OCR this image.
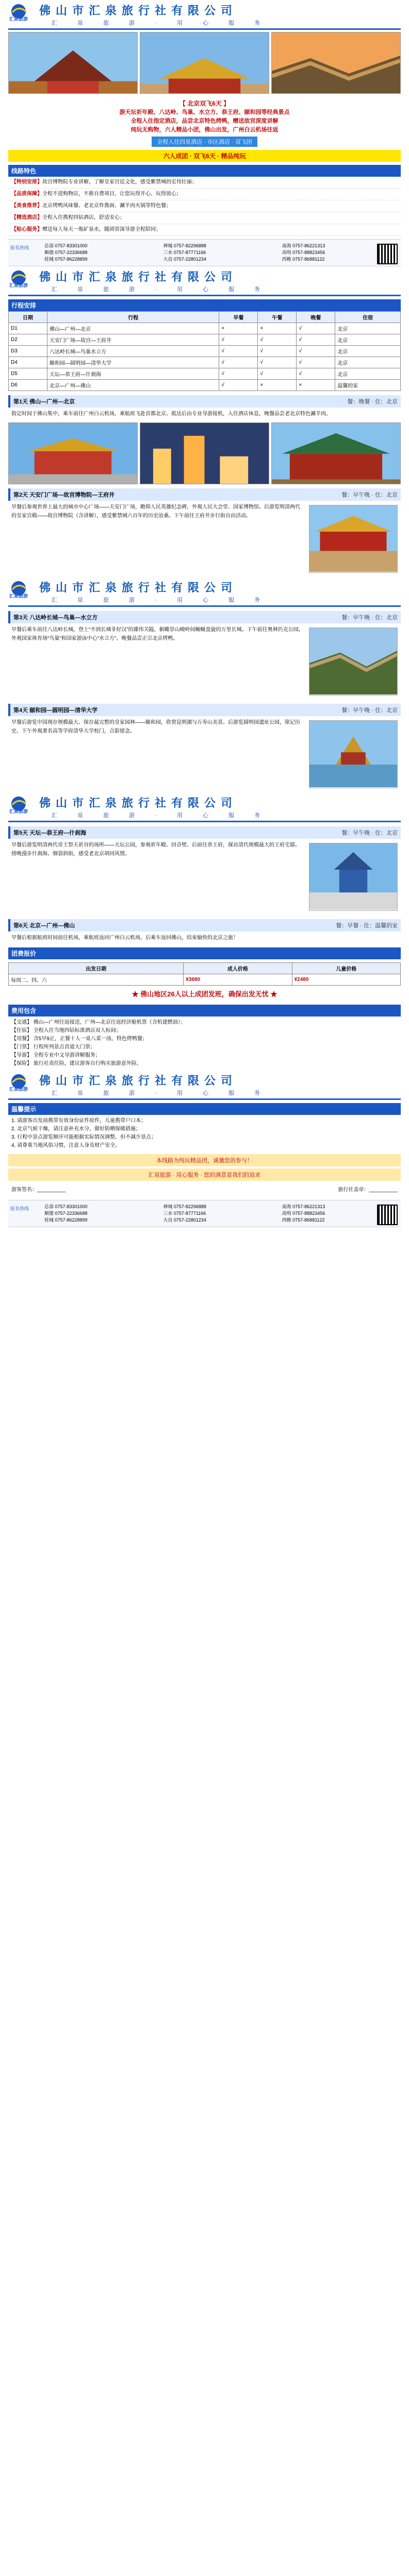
汇泉旅游
佛山市汇泉旅行社有限公司
汇 泉 旅 游 · 用 心 服 务
【 北京双飞6天 】
游天坛祈年殿、八达岭、鸟巢、水立方、恭王府、颐和园等经典景点
全程入住指定酒店，品尝北京特色烤鸭，赠送故宫深度讲解
纯玩无购物，六人精品小团，佛山出发，广州白云机场往返
全程入住四星酒店 · 市区酒店 · 双飞团
六人成团 · 双飞6天 · 精品纯玩
线路特色
【特别安排】故宫博物院专业讲解，了解皇家宫廷文化，感受紫禁城的宏伟壮丽；
【品质保障】全程不进购物店，不推自费项目，让您玩得开心、玩得放心；
【美食推荐】北京烤鸭风味餐、老北京炸酱面、涮羊肉火锅等特色餐；
【精选酒店】全程入住携程四钻酒店，舒适安心；
【贴心服务】赠送每人每天一瓶矿泉水，随团资深导游全程陪同；
报名热线	总部 0757-83301000	禅城 0757-82296888	南海 0757-86221313
顺德 0757-22336688	三水 0757-87771166	高明 0757-88823456
桂城 0757-86228899	大良 0757-22801234	西樵 0757-86881122
汇泉旅游
佛山市汇泉旅行社有限公司
汇 泉 旅 游 · 用 心 服 务
行程安排
日期	行程	早餐	午餐	晚餐	住宿
D1	佛山—广州—北京	×	×	√	北京
D2	天安门广场—故宫—王府井	√	√	√	北京
D3	八达岭长城—鸟巢水立方	√	√	√	北京
D4	颐和园—圆明园—清华大学	√	√	√	北京
D5	天坛—恭王府—什刹海	√	√	√	北京
D6	北京—广州—佛山	√	×	×	温馨的家
第1天 佛山—广州—北京	餐：晚餐 · 住：北京
指定时间于佛山集中，乘车前往广州白云机场，乘航班飞赴首都北京。抵达后由专业导游接机，入住酒店休息，晚餐品尝老北京特色涮羊肉。
第2天 天安门广场—故宫博物院—王府井	餐：早午晚 · 住：北京
早餐后参观世界上最大的城市中心广场——天安门广场，瞻仰人民英雄纪念碑，外观人民大会堂、国家博物馆。后游览明清两代的皇家宫殿——故宫博物院（含讲解），感受紫禁城六百年的历史沧桑。下午前往王府井步行街自由活动。
汇泉旅游
佛山市汇泉旅行社有限公司
汇 泉 旅 游 · 用 心 服 务
第3天 八达岭长城—鸟巢—水立方	餐：早午晚 · 住：北京
早餐后乘车前往八达岭长城，登上“不到长城非好汉”的雄伟关隘，俯瞰崇山峻岭间蜿蜒盘旋的万里长城。下午前往奥林匹克公园，外观国家体育场“鸟巢”和国家游泳中心“水立方”。晚餐品尝正宗北京烤鸭。
第4天 颐和园—圆明园—清华大学	餐：早午晚 · 住：北京
早餐后游览中国现存规模最大、保存最完整的皇家园林——颐和园，欣赏昆明湖与万寿山美景。后游览圆明园遗址公园，铭记历史。下午外观著名高等学府清华大学校门，合影留念。
汇泉旅游
佛山市汇泉旅行社有限公司
汇 泉 旅 游 · 用 心 服 务
第5天 天坛—恭王府—什刹海	餐：早午晚 · 住：北京
早餐后游览明清两代帝王祭天祈谷的场所——天坛公园，参观祈年殿、回音壁。后前往恭王府，探访清代规模最大的王府宅邸。傍晚漫步什刹海、烟袋斜街，感受老北京胡同风情。
第6天 北京—广州—佛山	餐：早餐 · 住：温馨的家
早餐后根据航班时间前往机场，乘航班返回广州白云机场，后乘车返回佛山，结束愉快的北京之旅！
团费报价
出发日期	成人价格	儿童价格
每周二、四、六	¥3680	¥2480
★ 佛山地区26人以上成团发班，确保出发无忧 ★
费用包含
【交通】 佛山—广州往返接送，广州—北京往返经济舱机票（含机建燃油）；
【住宿】 全程入住当地四钻标准酒店双人标间；
【用餐】 含5早9正，正餐十人一桌八菜一汤，特色烤鸭餐；
【门票】 行程所列景点首道大门票；
【导游】 全程专业中文导游讲解服务；
【保险】 旅行社责任险，建议游客自行购买旅游意外险。
汇泉旅游
佛山市汇泉旅行社有限公司
汇 泉 旅 游 · 用 心 服 务
温馨提示
1. 请游客出发前携带有效身份证件原件，儿童携带户口本；
2. 北京气候干燥，请注意补充水分，做好防晒保暖措施；
3. 行程中景点游览顺序可能根据实际情况调整，但不减少景点；
4. 请尊重当地风俗习惯，注意人身及财产安全。
本线路为纯玩精品团，诚邀您的参与！
汇泉旅游 · 用心服务 · 您的满意是我们的追求
游客签名：__________	旅行社盖章：__________
报名热线	总部 0757-83301000	禅城 0757-82296888	南海 0757-86221313
顺德 0757-22336688	三水 0757-87771166	高明 0757-88823456
桂城 0757-86228899	大良 0757-22801234	西樵 0757-86881122
